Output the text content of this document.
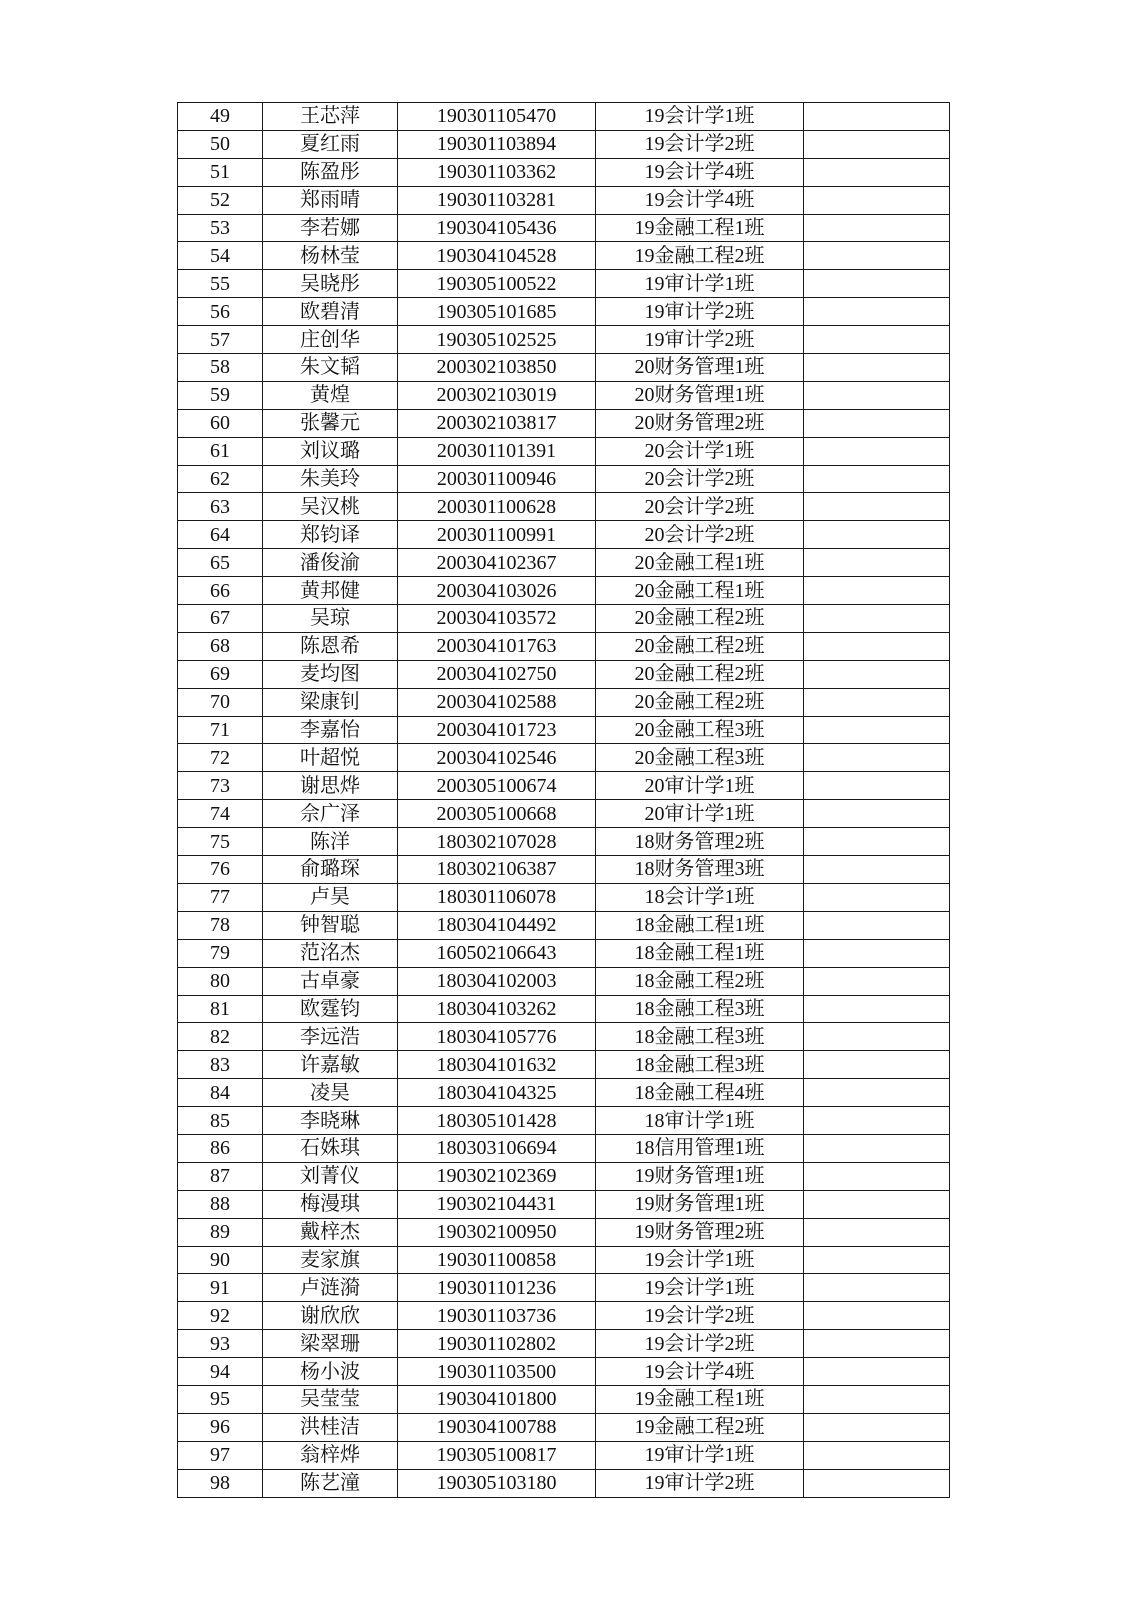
49	王芯萍	190301105470	19会计学1班	
50	夏红雨	190301103894	19会计学2班	
51	陈盈彤	190301103362	19会计学4班	
52	郑雨晴	190301103281	19会计学4班	
53	李若娜	190304105436	19金融工程1班	
54	杨林莹	190304104528	19金融工程2班	
55	吴晓彤	190305100522	19审计学1班	
56	欧碧清	190305101685	19审计学2班	
57	庄创华	190305102525	19审计学2班	
58	朱文韬	200302103850	20财务管理1班	
59	黄煌	200302103019	20财务管理1班	
60	张馨元	200302103817	20财务管理2班	
61	刘议璐	200301101391	20会计学1班	
62	朱美玲	200301100946	20会计学2班	
63	吴汉桃	200301100628	20会计学2班	
64	郑钧译	200301100991	20会计学2班	
65	潘俊渝	200304102367	20金融工程1班	
66	黄邦健	200304103026	20金融工程1班	
67	吴琼	200304103572	20金融工程2班	
68	陈恩希	200304101763	20金融工程2班	
69	麦均图	200304102750	20金融工程2班	
70	梁康钊	200304102588	20金融工程2班	
71	李嘉怡	200304101723	20金融工程3班	
72	叶超悦	200304102546	20金融工程3班	
73	谢思烨	200305100674	20审计学1班	
74	佘广泽	200305100668	20审计学1班	
75	陈洋	180302107028	18财务管理2班	
76	俞璐琛	180302106387	18财务管理3班	
77	卢昊	180301106078	18会计学1班	
78	钟智聪	180304104492	18金融工程1班	
79	范洺杰	160502106643	18金融工程1班	
80	古卓豪	180304102003	18金融工程2班	
81	欧霆钧	180304103262	18金融工程3班	
82	李远浩	180304105776	18金融工程3班	
83	许嘉敏	180304101632	18金融工程3班	
84	凌昊	180304104325	18金融工程4班	
85	李晓琳	180305101428	18审计学1班	
86	石姝琪	180303106694	18信用管理1班	
87	刘菁仪	190302102369	19财务管理1班	
88	梅漫琪	190302104431	19财务管理1班	
89	戴梓杰	190302100950	19财务管理2班	
90	麦家旗	190301100858	19会计学1班	
91	卢涟漪	190301101236	19会计学1班	
92	谢欣欣	190301103736	19会计学2班	
93	梁翠珊	190301102802	19会计学2班	
94	杨小波	190301103500	19会计学4班	
95	吴莹莹	190304101800	19金融工程1班	
96	洪桂洁	190304100788	19金融工程2班	
97	翁梓烨	190305100817	19审计学1班	
98	陈艺潼	190305103180	19审计学2班	
